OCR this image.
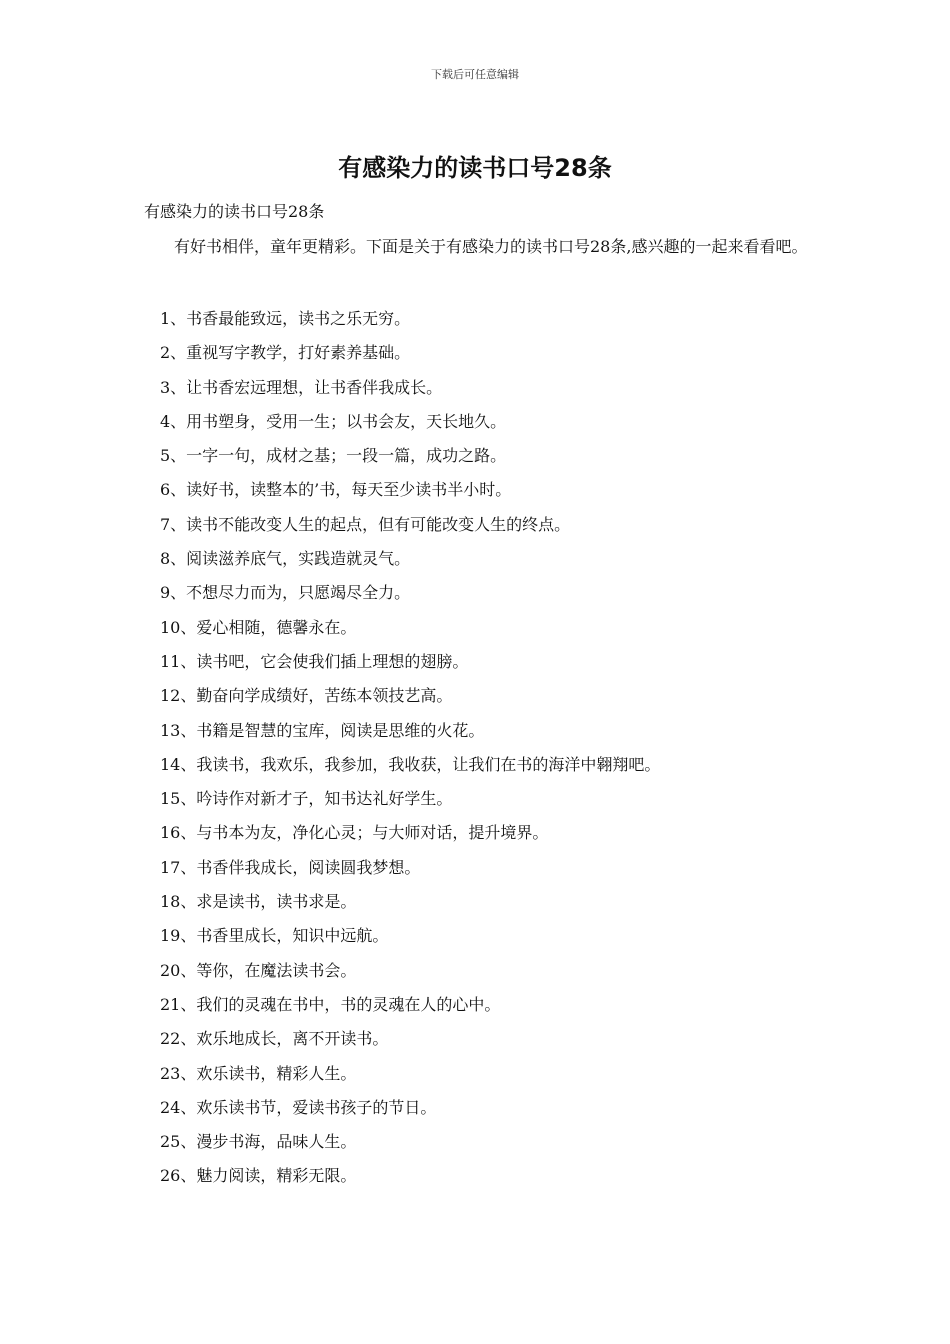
下载后可任意编辑
有感染力的读书口号28条
有感染力的读书口号28条

有好书相伴，童年更精彩。下面是关于有感染力的读书口号28条,感兴趣的一起来看看吧。

1、书香最能致远，读书之乐无穷。
2、重视写字教学，打好素养基础。
3、让书香宏远理想，让书香伴我成长。
4、用书塑身，受用一生；以书会友，天长地久。
5、一字一句，成材之基；一段一篇，成功之路。
6、读好书，读整本的’书，每天至少读书半小时。
7、读书不能改变人生的起点，但有可能改变人生的终点。
8、阅读滋养底气，实践造就灵气。
9、不想尽力而为，只愿竭尽全力。
10、爱心相随，德馨永在。
11、读书吧，它会使我们插上理想的翅膀。
12、勤奋向学成绩好，苦练本领技艺高。
13、书籍是智慧的宝库，阅读是思维的火花。
14、我读书，我欢乐，我参加，我收获，让我们在书的海洋中翱翔吧。
15、吟诗作对新才子，知书达礼好学生。
16、与书本为友，净化心灵；与大师对话，提升境界。
17、书香伴我成长，阅读圆我梦想。
18、求是读书，读书求是。
19、书香里成长，知识中远航。
20、等你，在魔法读书会。
21、我们的灵魂在书中，书的灵魂在人的心中。
22、欢乐地成长，离不开读书。
23、欢乐读书，精彩人生。
24、欢乐读书节，爱读书孩子的节日。
25、漫步书海，品味人生。
26、魅力阅读，精彩无限。
